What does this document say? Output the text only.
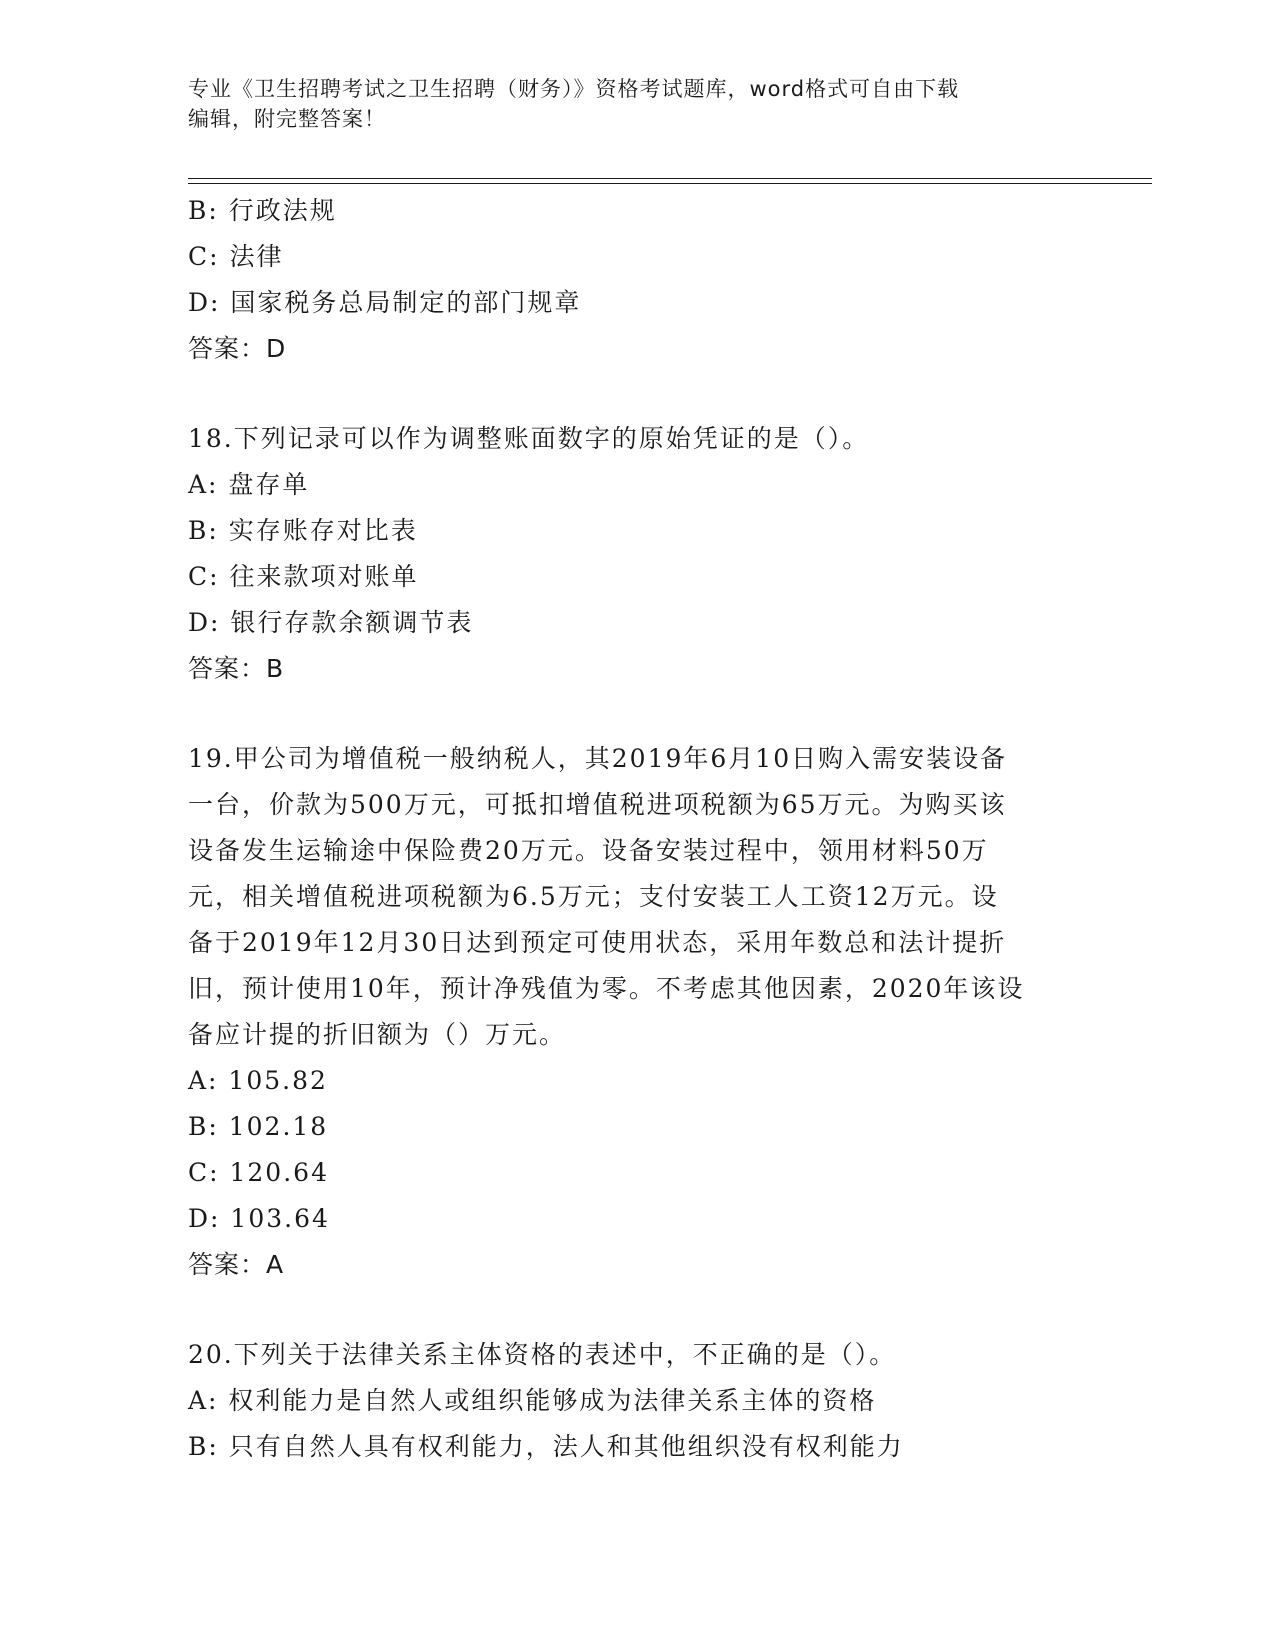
专业《卫生招聘考试之卫生招聘（财务）》资格考试题库，word格式可自由下载
编辑，附完整答案！
B: 行政法规
C: 法律
D: 国家税务总局制定的部门规章
答案：D
18.下列记录可以作为调整账面数字的原始凭证的是（）。
A: 盘存单
B: 实存账存对比表
C: 往来款项对账单
D: 银行存款余额调节表
答案：B
19.甲公司为增值税一般纳税人，其2019年6月10日购入需安装设备
一台，价款为500万元，可抵扣增值税进项税额为65万元。为购买该
设备发生运输途中保险费20万元。设备安装过程中，领用材料50万
元，相关增值税进项税额为6.5万元；支付安装工人工资12万元。设
备于2019年12月30日达到预定可使用状态，采用年数总和法计提折
旧，预计使用10年，预计净残值为零。不考虑其他因素，2020年该设
备应计提的折旧额为（）万元。
A: 105.82
B: 102.18
C: 120.64
D: 103.64
答案：A
20.下列关于法律关系主体资格的表述中，不正确的是（）。
A: 权利能力是自然人或组织能够成为法律关系主体的资格
B: 只有自然人具有权利能力，法人和其他组织没有权利能力
